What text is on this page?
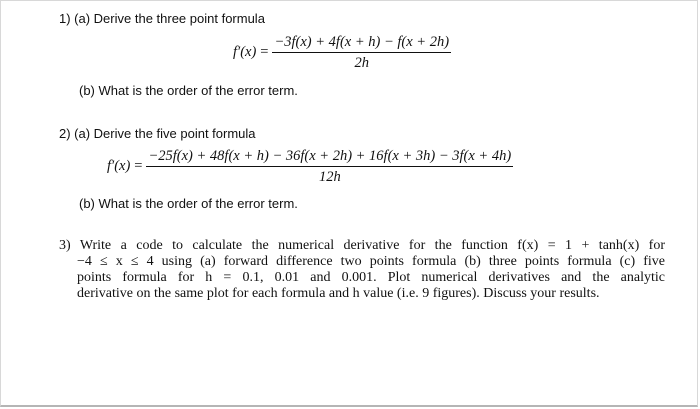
1) (a) Derive the three point formula
$f'(x) = \frac{-3f(x) + 4f(x + h) - f(x + 2h)}{2h}$
(b) What is the order of the error term.
2) (a) Derive the five point formula
f′(x) =
−25f(x) + 48f(x + h) − 36f(x + 2h) + 16f(x + 3h) − 3f(x + 4h)
12h
(b) What is the order of the error term.
3) Write a code to calculate the numerical derivative for the function f(x) = 1 + tanh(x) for
−4 ≤ x ≤ 4 using (a) forward difference two points formula (b) three points formula (c) five
points formula for h = 0.1, 0.01 and 0.001. Plot numerical derivatives and the analytic
derivative on the same plot for each formula and h value (i.e. 9 figures). Discuss your results.
